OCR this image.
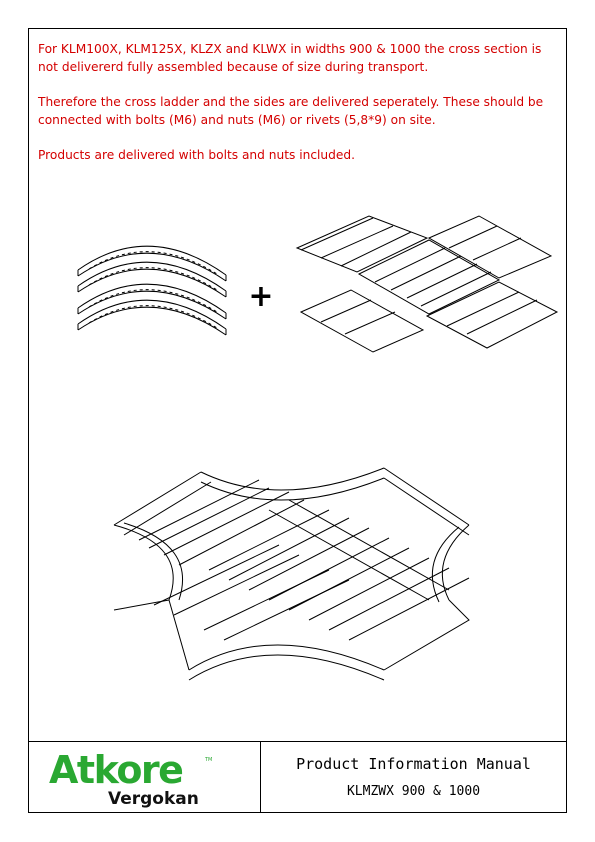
For KLM100X, KLM125X, KLZX and KLWX in widths 900 & 1000 the cross section is not delivererd fully assembled because of size during transport.

Therefore the cross ladder and the sides are delivered seperately. These should be connected with bolts (M6) and nuts (M6) or rivets (5,8*9) on site.

Products are delivered with bolts and nuts included.

+
Atkore	TM
Vergokan
Product Information Manual
KLMZWX 900 & 1000
